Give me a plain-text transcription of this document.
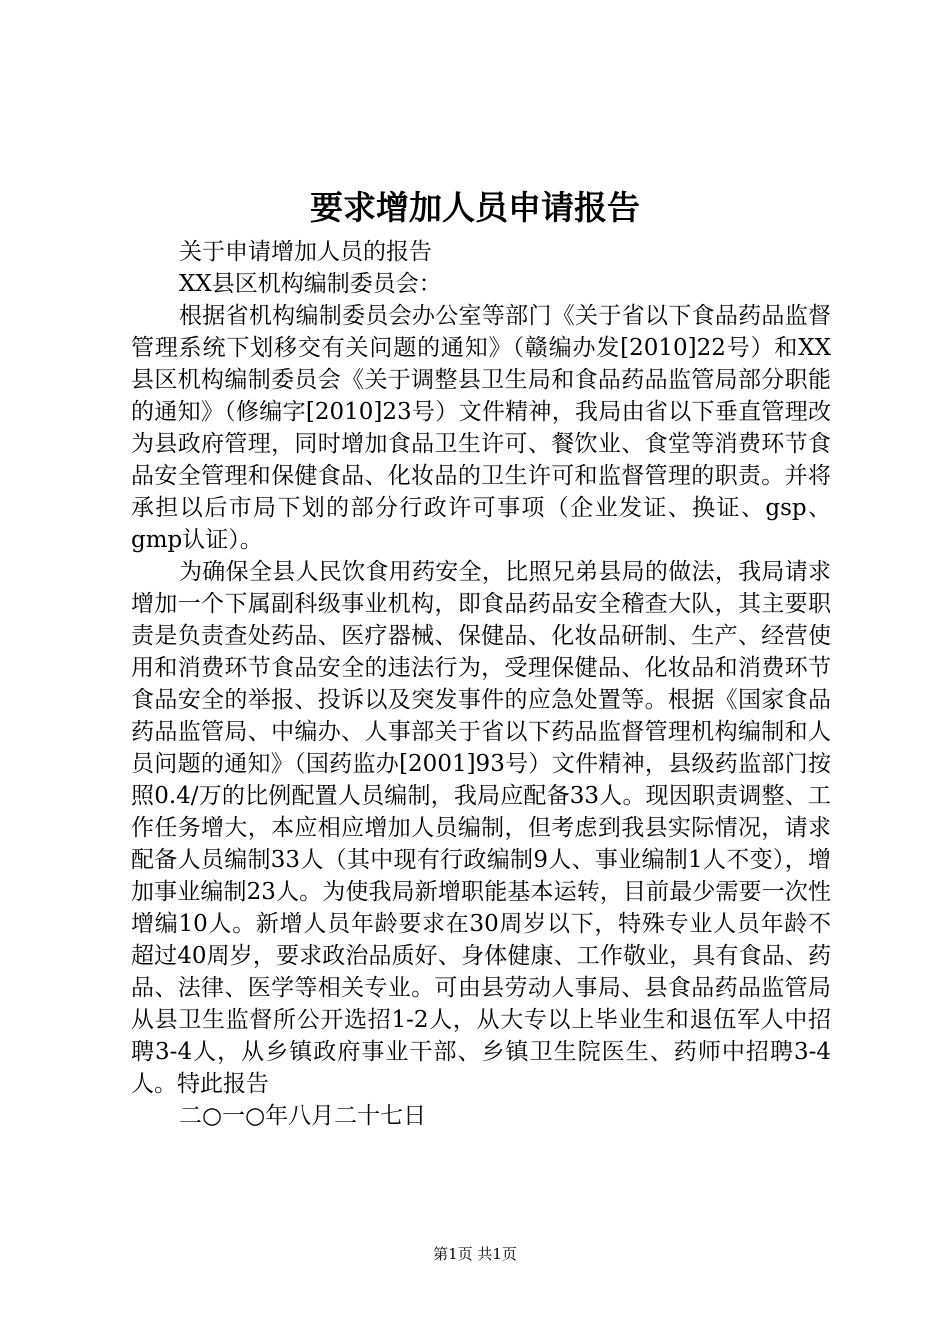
要求增加人员申请报告

关于申请增加人员的报告

XX县区机构编制委员会：

根据省机构编制委员会办公室等部门《关于省以下食品药品监督管理系统下划移交有关问题的通知》（赣编办发[2010]22号）和XX县区机构编制委员会《关于调整县卫生局和食品药品监管局部分职能的通知》（修编字[2010]23号）文件精神，我局由省以下垂直管理改为县政府管理，同时增加食品卫生许可、餐饮业、食堂等消费环节食品安全管理和保健食品、化妆品的卫生许可和监督管理的职责。并将承担以后市局下划的部分行政许可事项（企业发证、换证、gsp、gmp认证）。

为确保全县人民饮食用药安全，比照兄弟县局的做法，我局请求增加一个下属副科级事业机构，即食品药品安全稽查大队，其主要职责是负责查处药品、医疗器械、保健品、化妆品研制、生产、经营使用和消费环节食品安全的违法行为，受理保健品、化妆品和消费环节食品安全的举报、投诉以及突发事件的应急处置等。根据《国家食品药品监管局、中编办、人事部关于省以下药品监督管理机构编制和人员问题的通知》（国药监办[2001]93号）文件精神，县级药监部门按照0.4/万的比例配置人员编制，我局应配备33人。现因职责调整、工作任务增大，本应相应增加人员编制，但考虑到我县实际情况，请求配备人员编制33人（其中现有行政编制9人、事业编制1人不变），增加事业编制23人。为使我局新增职能基本运转，目前最少需要一次性增编10人。新增人员年龄要求在30周岁以下，特殊专业人员年龄不超过40周岁，要求政治品质好、身体健康、工作敬业，具有食品、药品、法律、医学等相关专业。可由县劳动人事局、县食品药品监管局从县卫生监督所公开选招1-2人，从大专以上毕业生和退伍军人中招聘3-4人，从乡镇政府事业干部、乡镇卫生院医生、药师中招聘3-4人。特此报告

二○一○年八月二十七日

第1页 共1页
